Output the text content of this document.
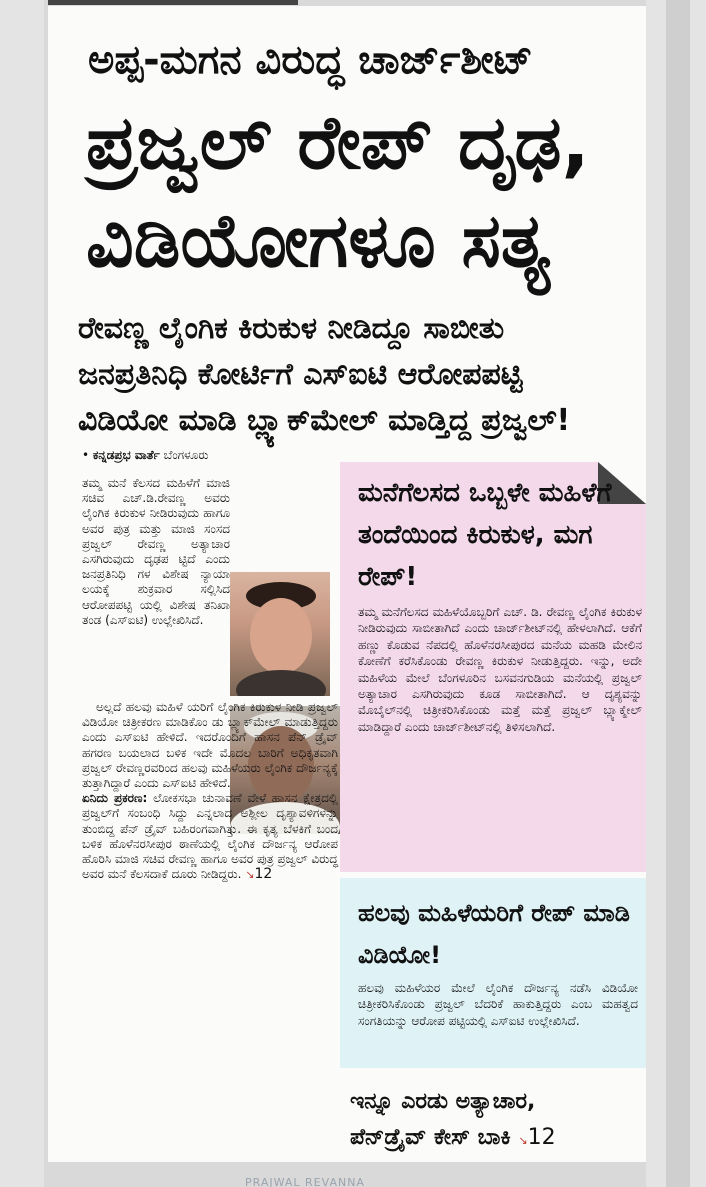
ಅಪ್ಪ-ಮಗನ ವಿರುದ್ಧ ಚಾರ್ಜ್‌ಶೀಟ್
ಪ್ರಜ್ವಲ್ ರೇಪ್ ದೃಢ,
ವಿಡಿಯೋಗಳೂ ಸತ್ಯ
ರೇವಣ್ಣ ಲೈಂಗಿಕ ಕಿರುಕುಳ ನೀಡಿದ್ದೂ ಸಾಬೀತು
ಜನಪ್ರತಿನಿಧಿ ಕೋರ್ಟಿಗೆ ಎಸ್‌ಐಟಿ ಆರೋಪಪಟ್ಟಿ
ವಿಡಿಯೋ ಮಾಡಿ ಬ್ಲ್ಯಾಕ್‌ಮೇಲ್ ಮಾಡ್ತಿದ್ದ ಪ್ರಜ್ವಲ್!
• ಕನ್ನಡಪ್ರಭ ವಾರ್ತೆ ಬೆಂಗಳೂರು

ತಮ್ಮ ಮನೆ ಕೆಲಸದ ಮಹಿಳೆಗೆ ಮಾಜಿ ಸಚಿವ ಎಚ್.ಡಿ.ರೇವಣ್ಣ ಅವರು ಲೈಂಗಿಕ ಕಿರುಕುಳ ನೀಡಿರುವುದು ಹಾಗೂ ಅವರ ಪುತ್ರ ಮತ್ತು ಮಾಜಿ ಸಂಸದ ಪ್ರಜ್ವಲ್ ರೇವಣ್ಣ ಅತ್ಯಾಚಾರ ಎಸಗಿರುವುದು ದೃಢಪ ಟ್ಟಿದೆ ಎಂದು ಜನಪ್ರತಿನಿಧಿ ಗಳ ವಿಶೇಷ ನ್ಯಾಯಾ ಲಯಕ್ಕೆ ಶುಕ್ರವಾರ ಸಲ್ಲಿಸಿದ ಆರೋಪಪಟ್ಟಿ ಯಲ್ಲಿ ವಿಶೇಷ ತನಿಖಾ ತಂಡ (ಎಸ್‌ಐಟಿ) ಉಲ್ಲೇಖಿಸಿದೆ.

ಅಲ್ಲದೆ ಹಲವು ಮಹಿಳೆ ಯರಿಗೆ ಲೈಂಗಿಕ ಕಿರುಕುಳ ನೀಡಿ ಪ್ರಜ್ವಲ್ ವಿಡಿಯೋ ಚಿತ್ರೀಕರಣ ಮಾಡಿಕೊಂ ಡು ಬ್ಲ್ಯಾಕ್‌ಮೇಲ್ ಮಾಡುತ್ತಿದ್ದರು ಎಂದು ಎಸ್‌ಐಟಿ ಹೇಳಿದೆ. ಇದರೊಂದಿಗೆ ಹಾಸನ ಪೆನ್ ಡ್ರೈವ್ ಹಗರಣ ಬಯಲಾದ ಬಳಿಕ ಇದೇ ಮೊದಲ ಬಾರಿಗೆ ಅಧಿಕೃತವಾಗಿ ಪ್ರಜ್ವಲ್ ರೇವಣ್ಣರವರಿಂದ ಹಲವು ಮಹಿಳೆಯರು ಲೈಂಗಿಕ ದೌರ್ಜನ್ಯಕ್ಕೆ ತುತ್ತಾಗಿದ್ದಾರೆ ಎಂದು ಎಸ್‌ಐಟಿ ಹೇಳಿದೆ.

ಏನಿದು ಪ್ರಕರಣ: ಲೋಕಸಭಾ ಚುನಾವಣೆ ವೇಳೆ ಹಾಸನ ಕ್ಷೇತ್ರದಲ್ಲಿ ಪ್ರಜ್ವಲ್‌ಗೆ ಸಂಬಂಧಿ ಸಿದ್ದು ಎನ್ನಲಾದ ಅಶ್ಲೀಲ ದೃಶ್ಯಾವಳಿಗಳನ್ನು ತುಂಬಿದ್ದ ಪೆನ್ ಡ್ರೈವ್ ಬಹಿರಂಗವಾಗಿತ್ತು. ಈ ಕೃತ್ಯ ಬೆಳಕಿಗೆ ಬಂದ ಬಳಿಕ ಹೊಳೆನರಸೀಪುರ ಠಾಣೆಯಲ್ಲಿ ಲೈಂಗಿಕ ದೌರ್ಜನ್ಯ ಆರೋಪ ಹೊರಿಸಿ ಮಾಜಿ ಸಚಿವ ರೇವಣ್ಣ ಹಾಗೂ ಅವರ ಪುತ್ರ ಪ್ರಜ್ವಲ್ ವಿರುದ್ಧ ಅವರ ಮನೆ ಕೆಲಸದಾಕೆ ದೂರು ನೀಡಿದ್ದರು. ↘12

ಮನೆಗೆಲಸದ ಒಬ್ಬಳೇ ಮಹಿಳೆಗೆ ತಂದೆಯಿಂದ ಕಿರುಕುಳ, ಮಗ ರೇಪ್!
ತಮ್ಮ ಮನೆಗೆಲಸದ ಮಹಿಳೆಯೊಬ್ಬರಿಗೆ ಎಚ್. ಡಿ. ರೇವಣ್ಣ ಲೈಂಗಿಕ ಕಿರುಕುಳ ನೀಡಿರುವುದು ಸಾಬೀತಾಗಿದೆ ಎಂದು ಚಾರ್ಜ್‌ಶೀಟ್‌ನಲ್ಲಿ ಹೇಳಲಾಗಿದೆ. ಆಕೆಗೆ ಹಣ್ಣು ಕೊಡುವ ನೆಪದಲ್ಲಿ ಹೊಳೆನರಸೀಪುರದ ಮನೆಯ ಮಹಡಿ ಮೇಲಿನ ಕೋಣೆಗೆ ಕರೆಸಿಕೊಂಡು ರೇವಣ್ಣ ಕಿರುಕುಳ ನೀಡುತ್ತಿದ್ದರು. ಇನ್ನು, ಅದೇ ಮಹಿಳೆಯ ಮೇಲೆ ಬೆಂಗಳೂರಿನ ಬಸವನಗುಡಿಯ ಮನೆಯಲ್ಲಿ ಪ್ರಜ್ವಲ್ ಅತ್ಯಾಚಾರ ಎಸಗಿರುವುದು ಕೂಡ ಸಾಬೀತಾಗಿದೆ. ಆ ದೃಶ್ಯವನ್ನು ಮೊಬೈಲ್‌ನಲ್ಲಿ ಚಿತ್ರೀಕರಿಸಿಕೊಂಡು ಮತ್ತೆ ಮತ್ತೆ ಪ್ರಜ್ವಲ್ ಬ್ಲ್ಯಾಕ್ಮೇಲ್ ಮಾಡಿದ್ದಾರೆ ಎಂದು ಚಾರ್ಜ್‌ಶೀಟ್‌ನಲ್ಲಿ ತಿಳಿಸಲಾಗಿದೆ.
ಹಲವು ಮಹಿಳೆಯರಿಗೆ ರೇಪ್ ಮಾಡಿ ವಿಡಿಯೋ!
ಹಲವು ಮಹಿಳೆಯರ ಮೇಲೆ ಲೈಂಗಿಕ ದೌರ್ಜನ್ಯ ನಡೆಸಿ ವಿಡಿಯೋ ಚಿತ್ರೀಕರಿಸಿಕೊಂಡು ಪ್ರಜ್ವಲ್ ಬೆದರಿಕೆ ಹಾಕುತ್ತಿದ್ದರು ಎಂಬ ಮಹತ್ವದ ಸಂಗತಿಯನ್ನು ಆರೋಪ ಪಟ್ಟಿಯಲ್ಲಿ ಎಸ್‌ಐಟಿ ಉಲ್ಲೇಖಿಸಿದೆ.
ಇನ್ನೂ ಎರಡು ಅತ್ಯಾಚಾರ,
ಪೆನ್‌ಡ್ರೈವ್ ಕೇಸ್ ಬಾಕಿ ↘12
PRAJWAL REVANNA
